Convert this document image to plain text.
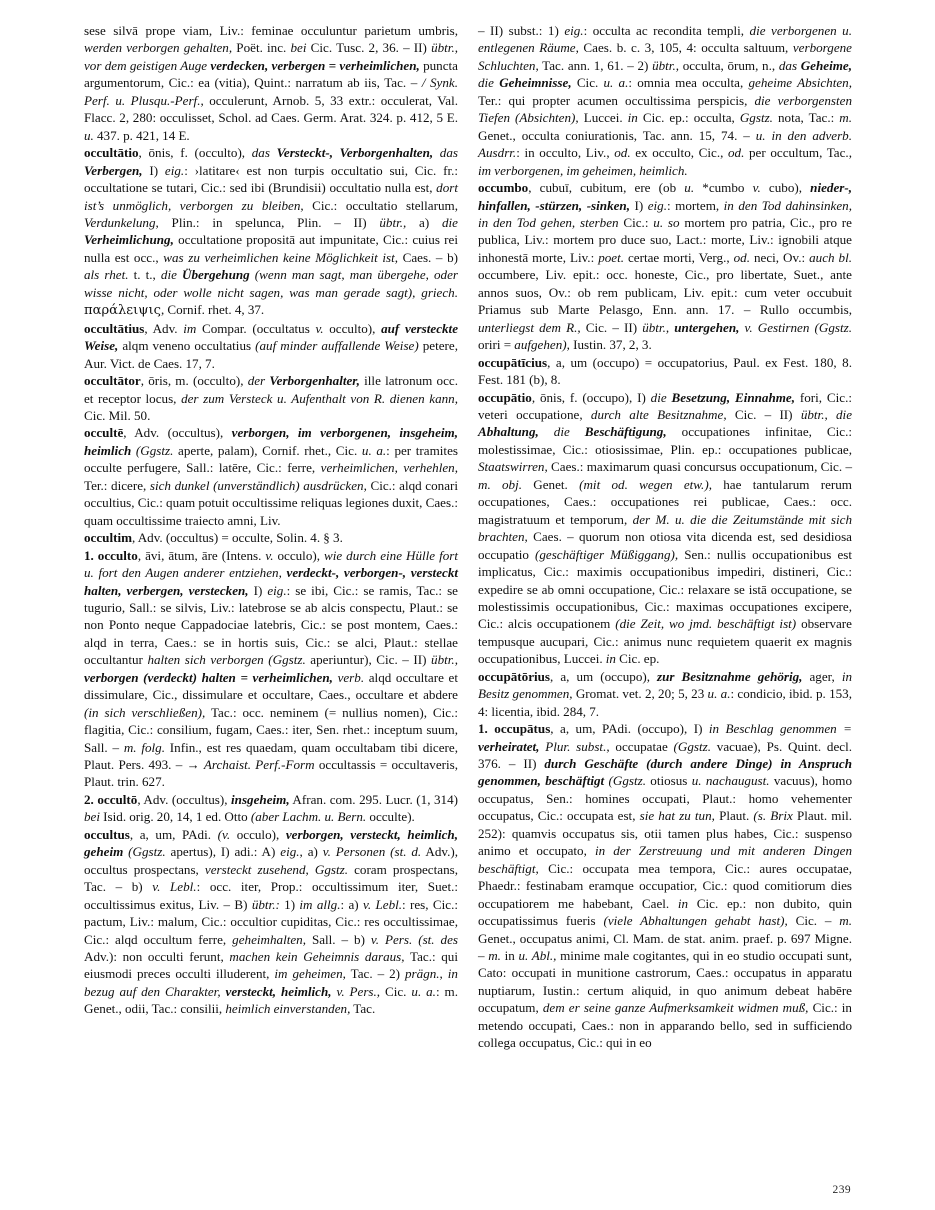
sese silvā prope viam, Liv.: feminae occuluntur parietum umbris, werden verborgen gehalten, Poët. inc. bei Cic. Tusc. 2, 36. – II) übtr., vor dem geistigen Auge verdecken, verbergen = verheimlichen, puncta argumentorum, Cic.: ea (vitia), Quint.: narratum ab iis, Tac. – / Synk. Perf. u. Plusqu.-Perf., occulerunt, Arnob. 5, 33 extr.: occulerat, Val. Flacc. 2, 280: occulisset, Schol. ad Caes. Germ. Arat. 324. p. 412, 5 E. u. 437. p. 421, 14 E.

occultātio, ōnis, f. (occulto), das Versteckt-, Verborgenhalten, das Verbergen, I) eig.: ›latitare‹ est non turpis occultatio sui, Cic. fr.: occultatione se tutari, Cic.: sed ibi (Brundisii) occultatio nulla est, dort ist’s unmöglich, verborgen zu bleiben, Cic.: occultatio stellarum, Verdunkelung, Plin.: in spelunca, Plin. – II) übtr., a) die Verheimlichung, occultatione propositā aut impunitate, Cic.: cuius rei nulla est occ., was zu verheimlichen keine Möglichkeit ist, Caes. – b) als rhet. t. t., die Übergehung (wenn man sagt, man übergehe, oder wisse nicht, oder wolle nicht sagen, was man gerade sagt), griech. παράλειψις, Cornif. rhet. 4, 37.

occultātius, Adv. im Compar. (occultatus v. occulto), auf versteckte Weise, alqm veneno occultatius (auf minder auffallende Weise) petere, Aur. Vict. de Caes. 17, 7.

occultātor, ōris, m. (occulto), der Verborgenhalter, ille latronum occ. et receptor locus, der zum Versteck u. Aufenthalt von R. dienen kann, Cic. Mil. 50.

occultē, Adv. (occultus), verborgen, im verborgenen, insgeheim, heimlich (Ggstz. aperte, palam), Cornif. rhet., Cic. u. a.: per tramites occulte perfugere, Sall.: latēre, Cic.: ferre, verheimlichen, verhehlen, Ter.: dicere, sich dunkel (unverständlich) ausdrücken, Cic.: alqd conari occultius, Cic.: quam potuit occultissime reliquas legiones duxit, Caes.: quam occultissime traiecto amni, Liv.

occultim, Adv. (occultus) = occulte, Solin. 4. § 3.

1. occulto, āvi, ātum, āre (Intens. v. occulo), wie durch eine Hülle fort u. fort den Augen anderer entziehen, verdeckt-, verborgen-, versteckt halten, verbergen, verstecken, I) eig.: se ibi, Cic.: se ramis, Tac.: se tugurio, Sall.: se silvis, Liv.: latebrose se ab alcis conspectu, Plaut.: se non Ponto neque Cappadociae latebris, Cic.: se post montem, Caes.: alqd in terra, Caes.: se in hortis suis, Cic.: se alci, Plaut.: stellae occultantur halten sich verborgen (Ggstz. aperiuntur), Cic. – II) übtr., verborgen (verdeckt) halten = verheimlichen, verb. alqd occultare et dissimulare, Cic., dissimulare et occultare, Caes., occultare et abdere (in sich verschließen), Tac.: occ. neminem (= nullius nomen), Cic.: flagitia, Cic.: consilium, fugam, Caes.: iter, Sen. rhet.: inceptum suum, Sall. – m. folg. Infin., est res quaedam, quam occultabam tibi dicere, Plaut. Pers. 493. – → Archaist. Perf.-Form occultassis = occultaveris, Plaut. trin. 627.

2. occultō, Adv. (occultus), insgeheim, Afran. com. 295. Lucr. (1, 314) bei Isid. orig. 20, 14, 1 ed. Otto (aber Lachm. u. Bern. occulte).

occultus, a, um, PAdi. (v. occulo), verborgen, versteckt, heimlich, geheim (Ggstz. apertus), I) adi.: A) eig., a) v. Personen (st. d. Adv.), occultus prospectans, versteckt zusehend, Ggstz. coram prospectans, Tac. – b) v. Lebl.: occ. iter, Prop.: occultissimum iter, Suet.: occultissimus exitus, Liv. – B) übtr.: 1) im allg.: a) v. Lebl.: res, Cic.: pactum, Liv.: malum, Cic.: occultior cupiditas, Cic.: res occultissimae, Cic.: alqd occultum ferre, geheimhalten, Sall. – b) v. Pers. (st. des Adv.): non occulti ferunt, machen kein Geheimnis daraus, Tac.: qui eiusmodi preces occulti illuderent, im geheimen, Tac. – 2) prägn., in bezug auf den Charakter, versteckt, heimlich, v. Pers., Cic. u. a.: m. Genet., odii, Tac.: consilii, heimlich einverstanden, Tac.

– II) subst.: 1) eig.: occulta ac recondita templi, die verborgenen u. entlegenen Räume, Caes. b. c. 3, 105, 4: occulta saltuum, verborgene Schluchten, Tac. ann. 1, 61. – 2) übtr., occulta, ōrum, n., das Geheime, die Geheimnisse, Cic. u. a.: omnia mea occulta, geheime Absichten, Ter.: qui propter acumen occultissima perspicis, die verborgensten Tiefen (Absichten), Luccei. in Cic. ep.: occulta, Ggstz. nota, Tac.: m. Genet., occulta coniurationis, Tac. ann. 15, 74. – u. in den adverb. Ausdrr.: in occulto, Liv., od. ex occulto, Cic., od. per occultum, Tac., im verborgenen, im geheimen, heimlich.

occumbo, cubuī, cubitum, ere (ob u. *cumbo v. cubo), nieder-, hinfallen, -stürzen, -sinken, I) eig.: mortem, in den Tod dahinsinken, in den Tod gehen, sterben Cic.: u. so mortem pro patria, Cic., pro re publica, Liv.: mortem pro duce suo, Lact.: morte, Liv.: ignobili atque inhonestā morte, Liv.: poet. certae morti, Verg., od. neci, Ov.: auch bl. occumbere, Liv. epit.: occ. honeste, Cic., pro libertate, Suet., ante annos suos, Ov.: ob rem publicam, Liv. epit.: cum veter occubuit Priamus sub Marte Pelasgo, Enn. ann. 17. – Rullo occumbis, unterliegst dem R., Cic. – II) übtr., untergehen, v. Gestirnen (Ggstz. oriri = aufgehen), Iustin. 37, 2, 3.

occupātīcius, a, um (occupo) = occupatorius, Paul. ex Fest. 180, 8. Fest. 181 (b), 8.

occupātio, ōnis, f. (occupo), I) die Besetzung, Einnahme, fori, Cic.: veteri occupatione, durch alte Besitznahme, Cic. – II) übtr., die Abhaltung, die Beschäftigung, occupationes infinitae, Cic.: molestissimae, Cic.: otiosissimae, Plin. ep.: occupationes publicae, Staatswirren, Caes.: maximarum quasi concursus occupationum, Cic. – m. obj. Genet. (mit od. wegen etw.), hae tantularum rerum occupationes, Caes.: occupationes rei publicae, Caes.: occ. magistratuum et temporum, der M. u. die die Zeitumstände mit sich brachten, Caes. – quorum non otiosa vita dicenda est, sed desidiosa occupatio (geschäftiger Müßiggang), Sen.: nullis occupationibus est implicatus, Cic.: maximis occupationibus impediri, distineri, Cic.: expedire se ab omni occupatione, Cic.: relaxare se istā occupatione, se molestissimis occupationibus, Cic.: maximas occupationes excipere, Cic.: alcis occupationem (die Zeit, wo jmd. beschäftigt ist) observare tempusque aucupari, Cic.: animus nunc requietem quaerit ex magnis occupationibus, Luccei. in Cic. ep.

occupātōrius, a, um (occupo), zur Besitznahme gehörig, ager, in Besitz genommen, Gromat. vet. 2, 20; 5, 23 u. a.: condicio, ibid. p. 153, 4: licentia, ibid. 284, 7.

1. occupātus, a, um, PAdi. (occupo), I) in Beschlag genommen = verheiratet, Plur. subst., occupatae (Ggstz. vacuae), Ps. Quint. decl. 376. – II) durch Geschäfte (durch andere Dinge) in Anspruch genommen, beschäftigt (Ggstz. otiosus u. nachaugust. vacuus), homo occupatus, Sen.: homines occupati, Plaut.: homo vehementer occupatus, Cic.: occupata est, sie hat zu tun, Plaut. (s. Brix Plaut. mil. 252): quamvis occupatus sis, otii tamen plus habes, Cic.: suspenso animo et occupato, in der Zerstreuung und mit anderen Dingen beschäftigt, Cic.: occupata mea tempora, Cic.: aures occupatae, Phaedr.: festinabam eramque occupatior, Cic.: quod comitiorum dies occupatiorem me habebant, Cael. in Cic. ep.: non dubito, quin occupatissimus fueris (viele Abhaltungen gehabt hast), Cic. – m. Genet., occupatus animi, Cl. Mam. de stat. anim. praef. p. 697 Migne. – m. in u. Abl., minime male cogitantes, qui in eo studio occupati sunt, Cato: occupati in munitione castrorum, Caes.: occupatus in apparatu nuptiarum, Iustin.: certum aliquid, in quo animum debeat habēre occupatum, dem er seine ganze Aufmerksamkeit widmen muß, Cic.: in metendo occupati, Caes.: non in apparando bello, sed in sufficiendo collega occupatus, Cic.: qui in eo

239
